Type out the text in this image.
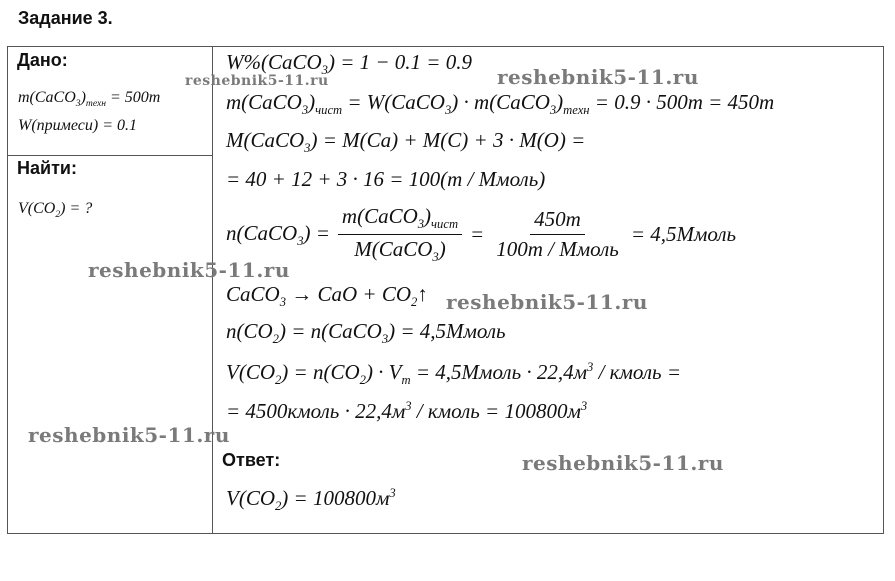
Задание 3.
Дано:
$m(CaCO_3)_{техн} = 500т$
W(примеси) = 0.1
Найти:
$V(CO_2)$ = ?
W%(CaCO$_3$) = 1 − 0.1 = 0.9
$m(CaCO_3)_{чист}$ = W(CaCO$_3$) · $m(CaCO_3)_{техн} = 0.9 \cdot 500т = 450т$
M(CaCO$_3$) = M(Ca) + M(C) + 3 · M(O) =
= 40 + 12 + 3 · 16 = 100(т / Ммоль)
n(CaCO$_3$) = $\frac{m(CaCO_3)_{чист}}{M(CaCO_3)} = \frac{450т}{\text{100т / Ммоль}}$ = 4,5Ммоль
CaCO$_3$ → CaO + $CO_2↑$
$n(CO_2)$ = n(CaCO$_3$) = 4,5Ммоль
$V(CO_2) = n(CO_2) \cdot V_m$ = 4,5Ммоль · $22,4м^3$ / кмоль =
= 4500кмоль · $22,4м^3$ / кмоль = $100800м^3$
Ответ:
$V(CO_2) = 100800м^3$
reshebnik5-11.ru	reshebnik5-11.ru
reshebnik5-11.ru
reshebnik5-11.ru
reshebnik5-11.ru
reshebnik5-11.ru
